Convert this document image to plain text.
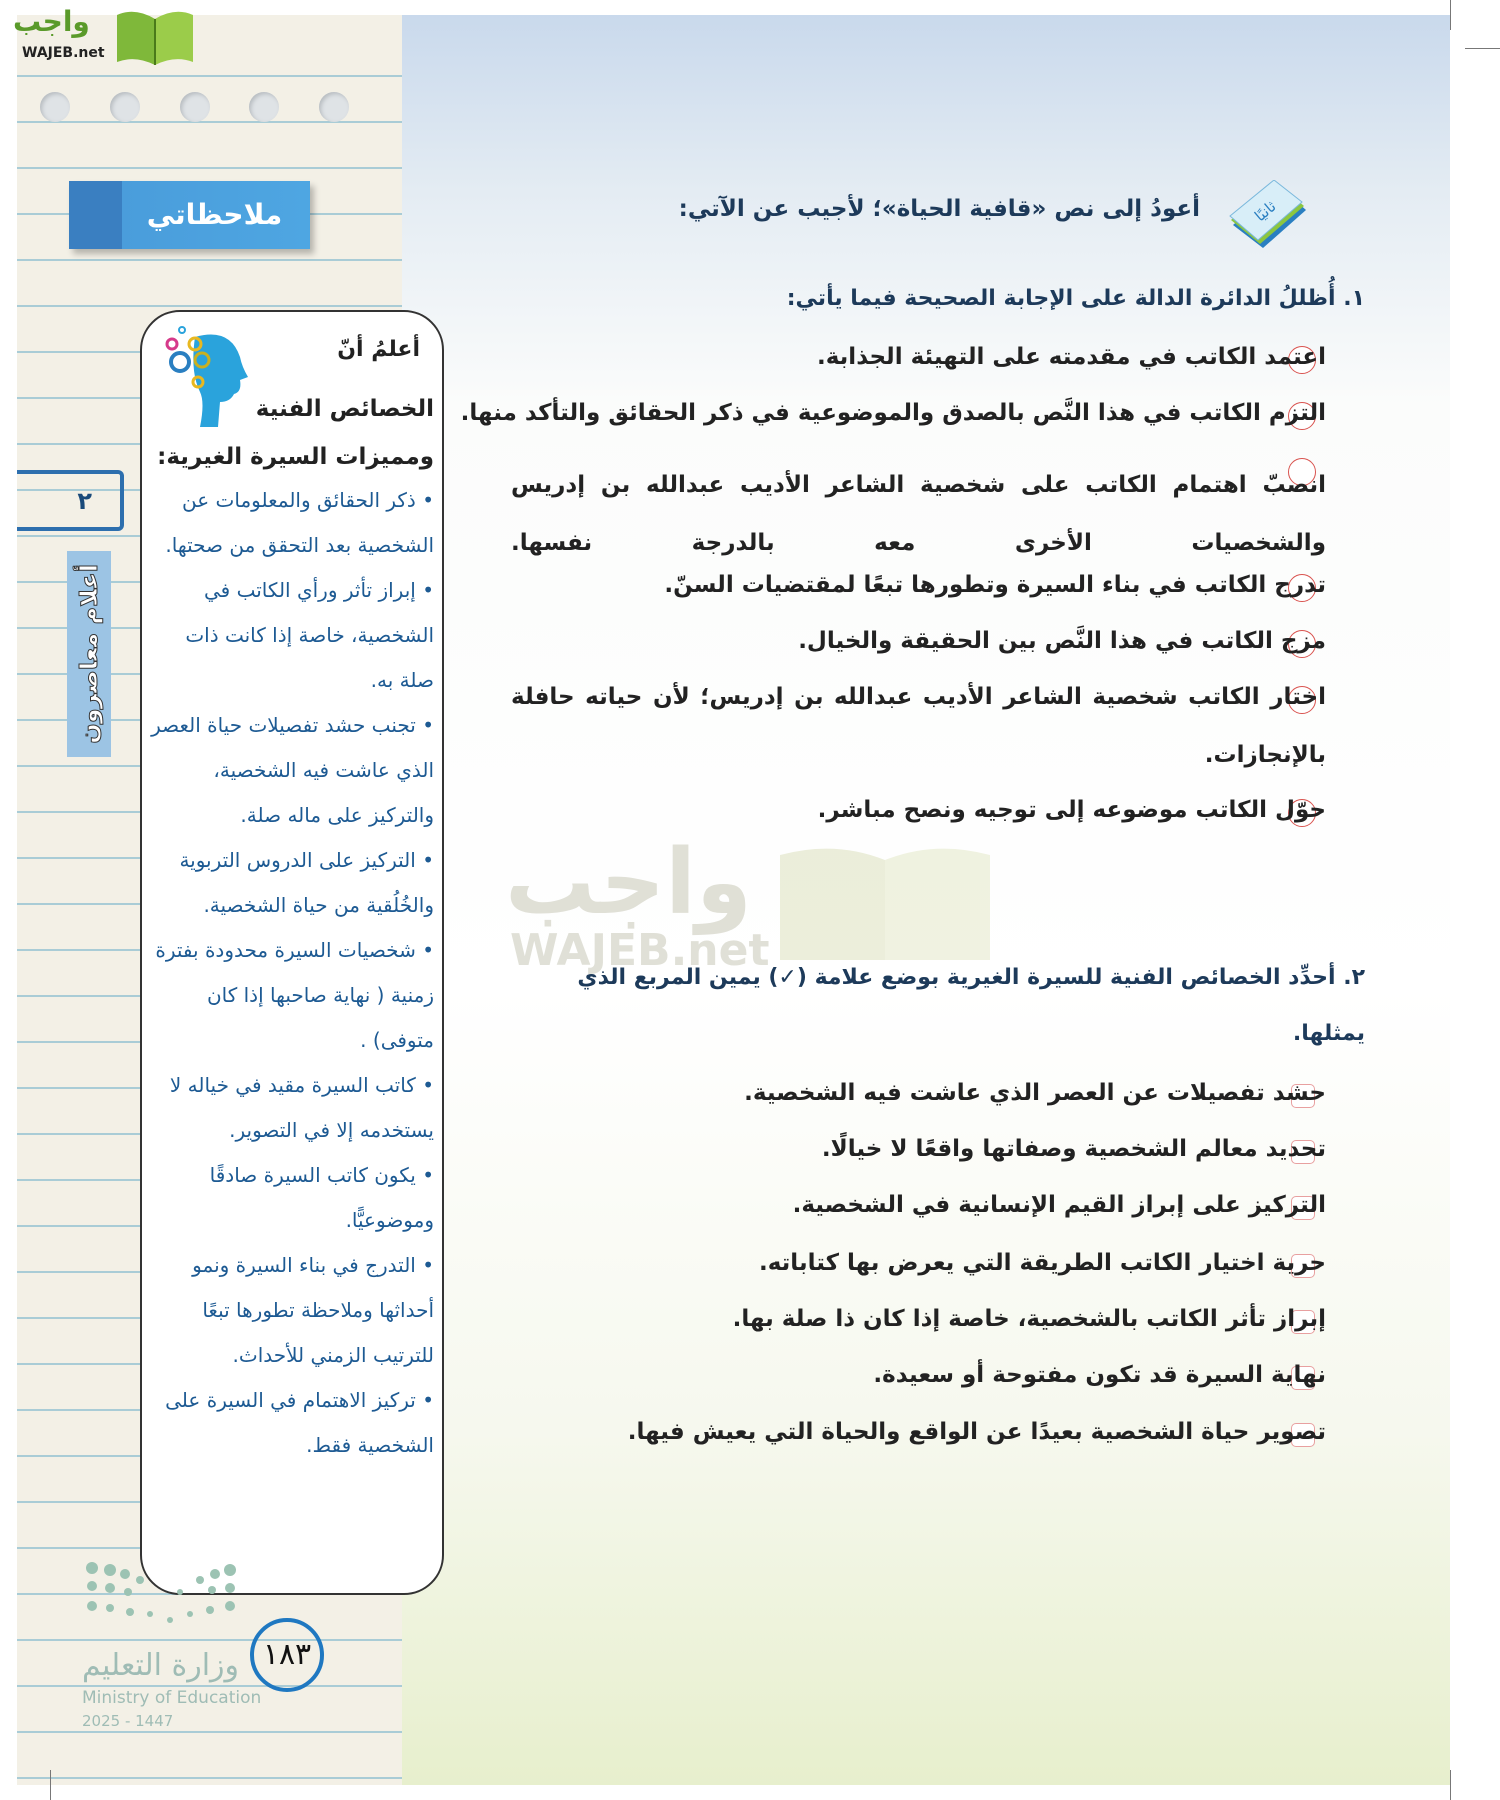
واجب
WAJEB.net
ملاحظاتي
٢
أعلام معاصرون
أعلمُ أنّ
الخصائص الفنية
ومميزات السيرة الغيرية:
• ذكر الحقائق والمعلومات عن الشخصية بعد التحقق من صحتها.
• إبراز تأثر ورأي الكاتب في الشخصية، خاصة إذا كانت ذات صلة به.
• تجنب حشد تفصيلات حياة العصر الذي عاشت فيه الشخصية، والتركيز على ماله صلة.
• التركيز على الدروس التربوية والخُلُقية من حياة الشخصية.
• شخصيات السيرة محدودة بفترة زمنية ( نهاية صاحبها إذا كان متوفى) .
• كاتب السيرة مقيد في خياله لا يستخدمه إلا في التصوير.
• يكون كاتب السيرة صادقًا وموضوعيًّا.
• التدرج في بناء السيرة ونمو أحداثها وملاحظة تطورها تبعًا للترتيب الزمني للأحداث.
• تركيز الاهتمام في السيرة على الشخصية فقط.
وزارة التعليم
Ministry of Education
2025 - 1447
١٨٣
ثانيًا
أعودُ إلى نص «قافية الحياة»؛ لأجيب عن الآتي:
١. أُظللُ الدائرة الدالة على الإجابة الصحيحة فيما يأتي:
اعتمد الكاتب في مقدمته على التهيئة الجذابة.
التزم الكاتب في هذا النَّص بالصدق والموضوعية في ذكر الحقائق والتأكد منها.
انصبّ اهتمام الكاتب على شخصية الشاعر الأديب عبدالله بن إدريس والشخصيات الأخرى معه بالدرجة نفسها.
تدرج الكاتب في بناء السيرة وتطورها تبعًا لمقتضيات السنّ.
مزج الكاتب في هذا النَّص بين الحقيقة والخيال.
اختار الكاتب شخصية الشاعر الأديب عبدالله بن إدريس؛ لأن حياته حافلة بالإنجازات.
حوّل الكاتب موضوعه إلى توجيه ونصح مباشر.
واجب
WAJEB.net
٢. أحدِّد الخصائص الفنية للسيرة الغيرية بوضع علامة (✓) يمين المربع الذي يمثلها.
حشد تفصيلات عن العصر الذي عاشت فيه الشخصية.
تحديد معالم الشخصية وصفاتها واقعًا لا خيالًا.
التركيز على إبراز القيم الإنسانية في الشخصية.
حرية اختيار الكاتب الطريقة التي يعرض بها كتاباته.
إبراز تأثر الكاتب بالشخصية، خاصة إذا كان ذا صلة بها.
نهاية السيرة قد تكون مفتوحة أو سعيدة.
تصوير حياة الشخصية بعيدًا عن الواقع والحياة التي يعيش فيها.
